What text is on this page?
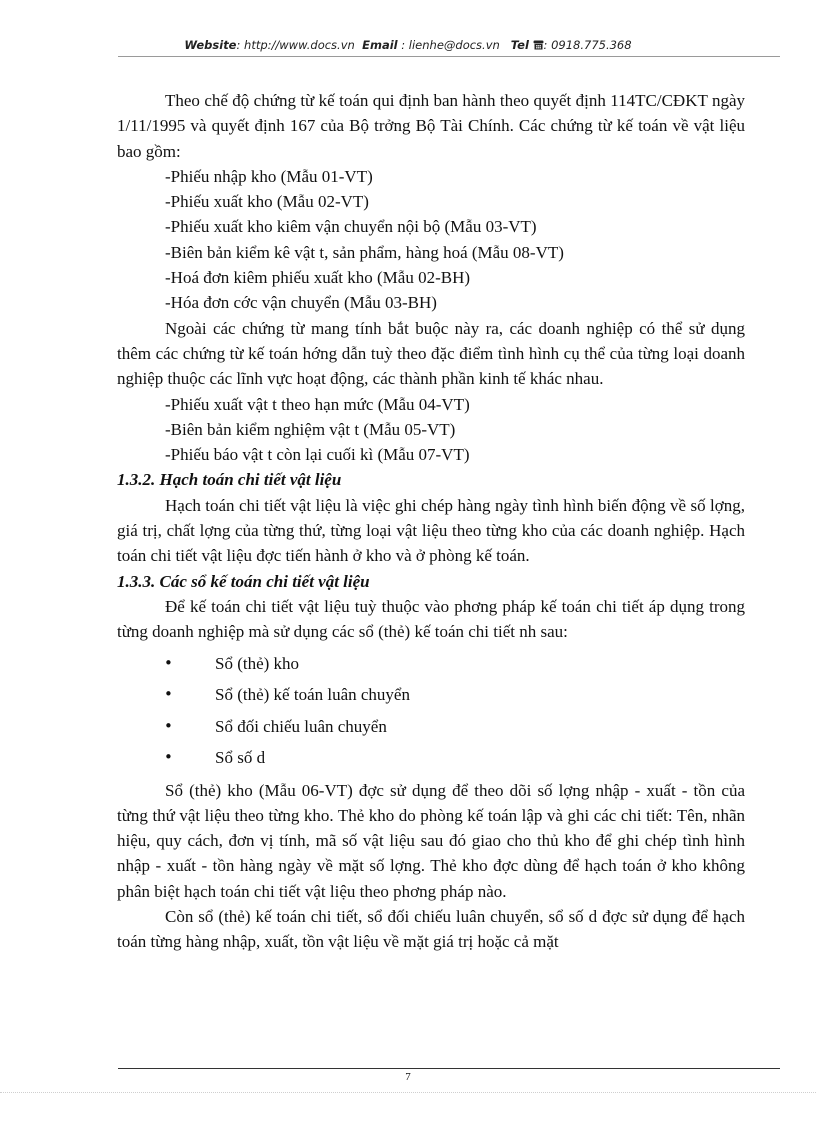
Website: http://www.docs.vn Email : lienhe@docs.vn Tel : 0918.775.368

Theo chế độ chứng từ kế toán qui định ban hành theo quyết định 114TC/CĐKT ngày 1/11/1995 và quyết định 167 của Bộ trởng Bộ Tài Chính. Các chứng từ kế toán về vật liệu bao gồm:

-Phiếu nhập kho (Mẫu 01-VT)

-Phiếu xuất kho (Mẫu 02-VT)

-Phiếu xuất kho kiêm vận chuyển nội bộ (Mẫu 03-VT)

-Biên bản kiểm kê vật t, sản phẩm, hàng hoá (Mẫu 08-VT)

-Hoá đơn kiêm phiếu xuất kho (Mẫu 02-BH)

-Hóa đơn cớc vận chuyển (Mẫu 03-BH)

Ngoài các chứng từ mang tính bắt buộc này ra, các doanh nghiệp có thể sử dụng thêm các chứng từ kế toán hớng dẫn tuỳ theo đặc điểm tình hình cụ thể của từng loại doanh nghiệp thuộc các lĩnh vực hoạt động, các thành phần kinh tế khác nhau.

-Phiếu xuất vật t theo hạn mức (Mẫu 04-VT)

-Biên bản kiểm nghiệm vật t (Mẫu 05-VT)

-Phiếu báo vật t còn lại cuối kì (Mẫu 07-VT)

1.3.2. Hạch toán chi tiết vật liệu

Hạch toán chi tiết vật liệu là việc ghi chép hàng ngày tình hình biến động về số lợng, giá trị, chất lợng của từng thứ, từng loại vật liệu theo từng kho của các doanh nghiệp. Hạch toán chi tiết vật liệu đợc tiến hành ở kho và ở phòng kế toán.

1.3.3. Các sổ kế toán chi tiết vật liệu

Để kế toán chi tiết vật liệu tuỳ thuộc vào phơng pháp kế toán chi tiết áp dụng trong từng doanh nghiệp mà sử dụng các sổ (thẻ) kế toán chi tiết nh sau:

• Sổ (thẻ) kho
• Sổ (thẻ) kế toán luân chuyển
• Sổ đối chiếu luân chuyển
• Sổ số d

Sổ (thẻ) kho (Mẫu 06-VT) đợc sử dụng để theo dõi số lợng nhập - xuất - tồn của từng thứ vật liệu theo từng kho. Thẻ kho do phòng kế toán lập và ghi các chi tiết: Tên, nhãn hiệu, quy cách, đơn vị tính, mã số vật liệu sau đó giao cho thủ kho để ghi chép tình hình nhập - xuất - tồn hàng ngày về mặt số lợng. Thẻ kho đợc dùng để hạch toán ở kho không phân biệt hạch toán chi tiết vật liệu theo phơng pháp nào.

Còn sổ (thẻ) kế toán chi tiết, sổ đối chiếu luân chuyển, sổ số d đợc sử dụng để hạch toán từng hàng nhập, xuất, tồn vật liệu về mặt giá trị hoặc cả mặt

7
